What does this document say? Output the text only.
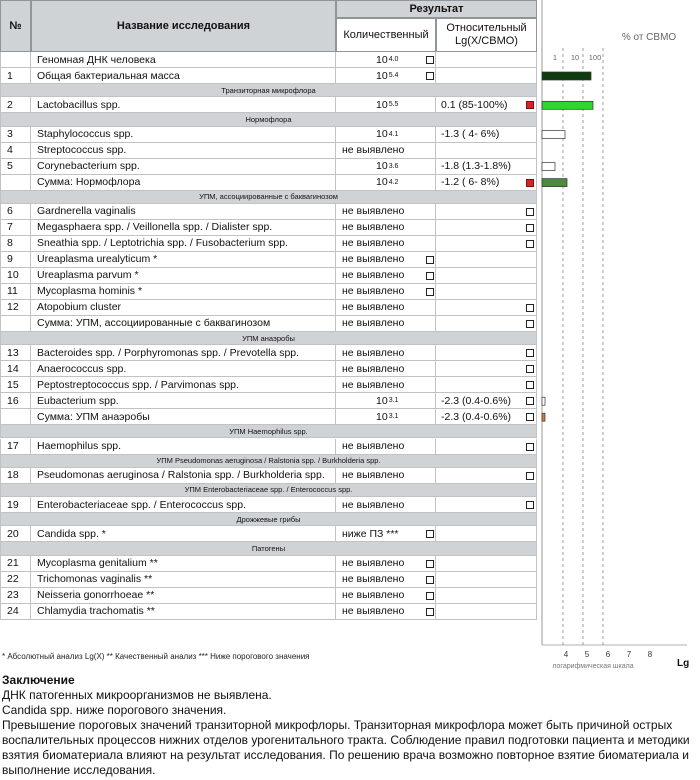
№	Название исследования
Результат
Количественный
Относительный Lg(X/СВМО)
Геномная ДНК человека	10 4.0
1	Общая бактериальная масса	10 5.4
Транзиторная микрофлора
2	Lactobacillus spp.	10 5.5	0.1 (85-100%)
Нормофлора
3	Staphylococcus spp.	10 4.1	-1.3 ( 4- 6%)
4	Streptococcus spp.	не выявлено
5	Corynebacterium spp.	10 3.6	-1.8 (1.3-1.8%)
Сумма: Нормофлора	10 4.2	-1.2 ( 6- 8%)
УПМ, ассоциированные с баквагинозом
6	Gardnerella vaginalis	не выявлено
7	Megasphaera spp. / Veillonella spp. / Dialister spp.	не выявлено
8	Sneathia spp. / Leptotrichia spp. / Fusobacterium spp.	не выявлено
9	Ureaplasma urealyticum *	не выявлено
10	Ureaplasma parvum *	не выявлено
11	Mycoplasma hominis *	не выявлено
12	Atopobium cluster	не выявлено
Сумма: УПМ, ассоциированные с баквагинозом	не выявлено
УПМ анаэробы
13	Bacteroides spp. / Porphyromonas spp. / Prevotella spp.	не выявлено
14	Anaerococcus spp.	не выявлено
15	Peptostreptococcus spp. / Parvimonas spp.	не выявлено
16	Eubacterium spp.	10 3.1	-2.3 (0.4-0.6%)
Сумма: УПМ анаэробы	10 3.1	-2.3 (0.4-0.6%)
УПМ Haemophilus spp.
17	Haemophilus spp.	не выявлено
УПМ Pseudomonas aeruginosa / Ralstonia spp. / Burkholderia spp.
18	Pseudomonas aeruginosa / Ralstonia spp. / Burkholderia spp.	не выявлено
УПМ Enterobacteriaceae spp. / Enterococcus spp.
19	Enterobacteriaceae spp. / Enterococcus spp.	не выявлено
Дрожжевые грибы
20	Candida spp. *	ниже ПЗ ***
Патогены
21	Mycoplasma genitalium **	не выявлено
22	Trichomonas vaginalis **	не выявлено
23	Neisseria gonorrhoeae **	не выявлено
24	Chlamydia trachomatis **	не выявлено
% от СВМО
1 10 100
4 5 6 7 8
логарифмическая шкала	Lg
* Абсолютный анализ Lg(X) ** Качественный анализ *** Ниже порогового значения
Заключение
ДНК патогенных микроорганизмов не выявлена.
Candida spp. ниже порогового значения.
Превышение пороговых значений транзиторной микрофлоры. Транзиторная микрофлора может быть причиной острых воспалительных процессов нижних отделов урогенитального тракта. Соблюдение правил подготовки пациента и методики взятия биоматериала влияют на результат исследования. По решению врача возможно повторное взятие биоматериала и выполнение исследования.
